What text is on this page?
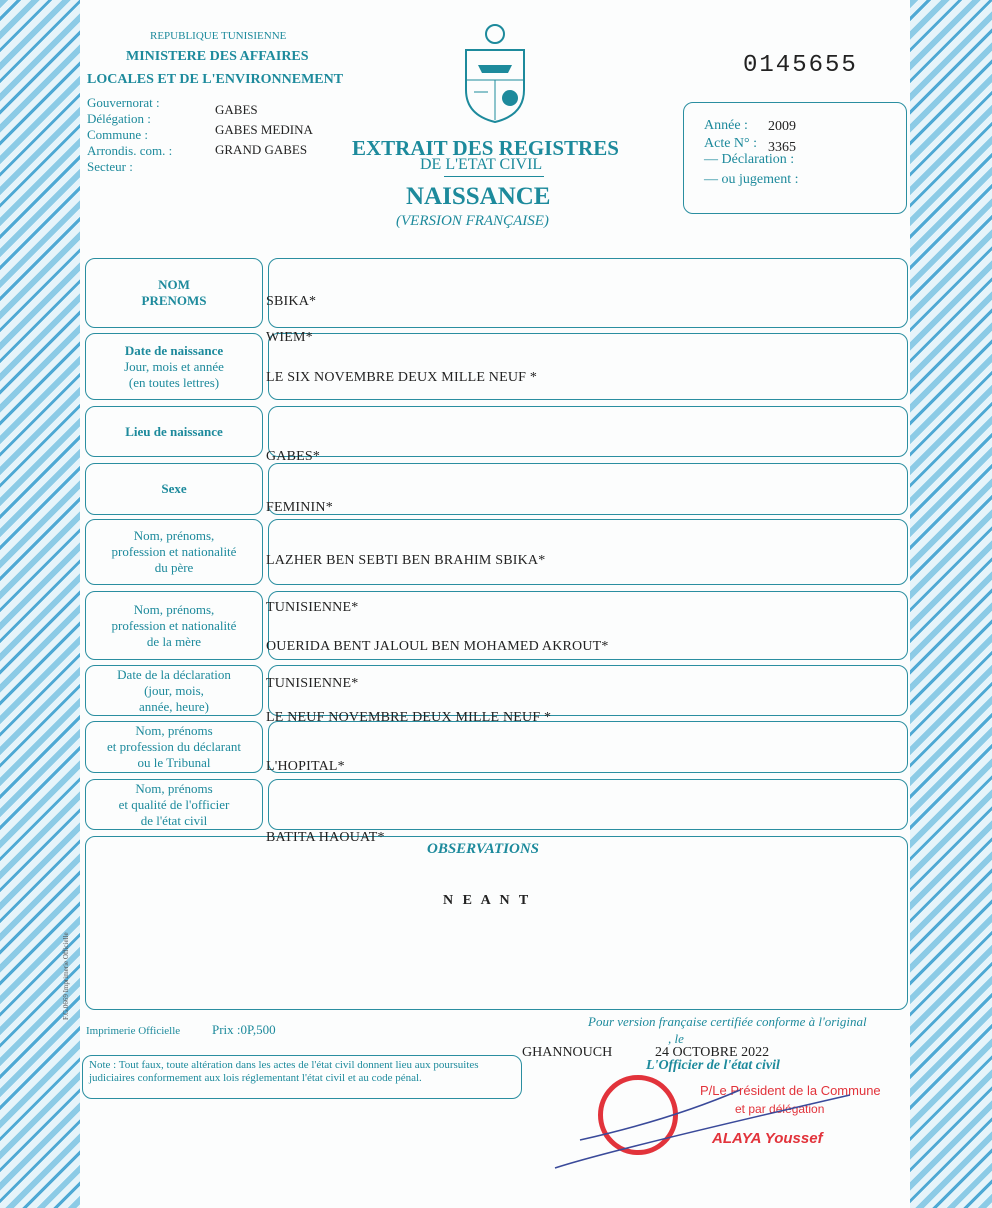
REPUBLIQUE TUNISIENNE
MINISTERE DES AFFAIRES
LOCALES ET DE L'ENVIRONNEMENT
Gouvernorat :
Délégation :
Commune :
Arrondis. com. :
Secteur :
GABES
GABES MEDINA
GRAND GABES
0145655
EXTRAIT DES REGISTRES
DE L'ETAT CIVIL
NAISSANCE
(VERSION FRANÇAISE)
Année : 2009
Acte N° : 3365
— Déclaration :
— ou jugement :
NOM
PRENOMS
Date de naissance
Jour, mois et année
(en toutes lettres)
Lieu de naissance
Sexe
Nom, prénoms,
profession et nationalité
du père
Nom, prénoms,
profession et nationalité
de la mère
Date de la déclaration
(jour, mois,
année, heure)
Nom, prénoms
et profession du déclarant
ou le Tribunal
Nom, prénoms
et qualité de l'officier
de l'état civil
SBIKA*
WIEM*
LE SIX NOVEMBRE DEUX MILLE NEUF *
GABES*
FEMININ*
LAZHER BEN SEBTI BEN BRAHIM SBIKA*
TUNISIENNE*
OUERIDA BENT JALOUL BEN MOHAMED AKROUT*
TUNISIENNE*
LE NEUF NOVEMBRE DEUX MILLE NEUF *
L'HOPITAL*
BATITA HAOUAT*
OBSERVATIONS
N E A N T
F.G.0669 Imprimerie Officielle
Imprimerie Officielle Prix :0P,500
Pour version française certifiée conforme à l'original
, le
Note : Tout faux, toute altération dans les actes de l'état civil donnent lieu aux poursuites judiciaires conformement aux lois réglementant l'état civil et au code pénal.
GHANNOUCH	24 OCTOBRE 2022
L'Officier de l'état civil
P/Le Président de la Commune
et par délégation
ALAYA Youssef
